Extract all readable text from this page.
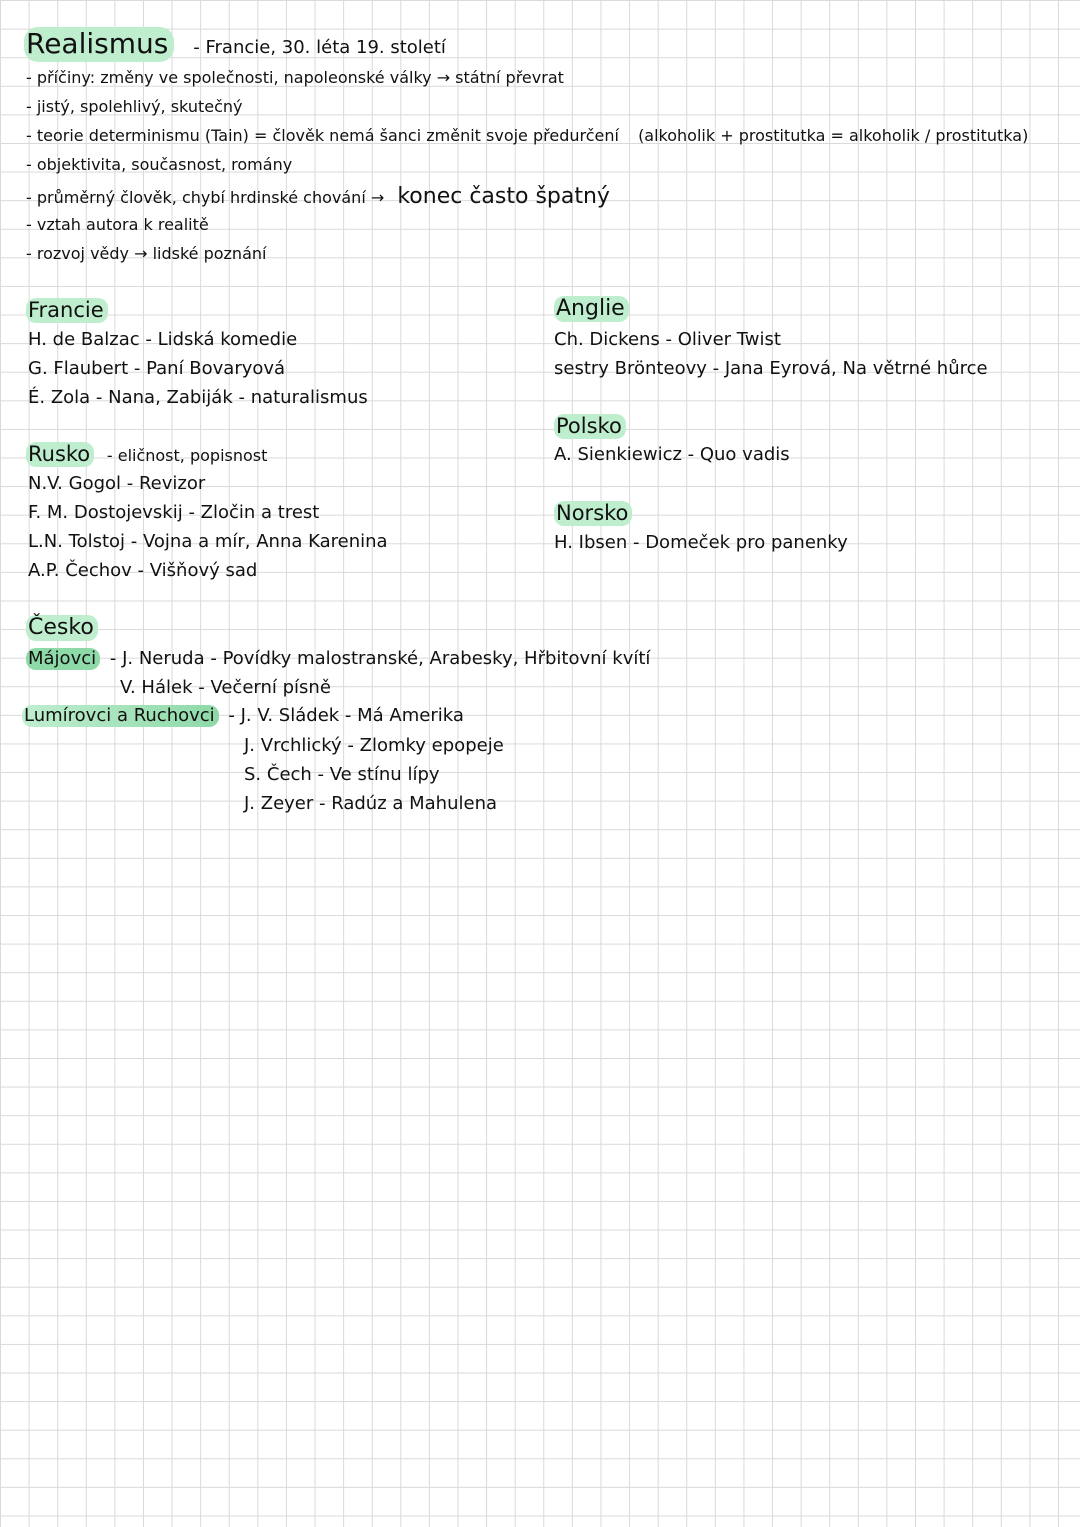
Realismus - Francie, 30. léta 19. století
- příčiny: změny ve společnosti, napoleonské války → státní převrat
- jistý, spolehlivý, skutečný
- teorie determinismu (Tain) = člověk nemá šanci změnit svoje předurčení (alkoholik + prostitutka = alkoholik / prostitutka)
- objektivita, současnost, romány
- průměrný člověk, chybí hrdinské chování → konec často špatný
- vztah autora k realitě
- rozvoj vědy → lidské poznání
Francie
H. de Balzac - Lidská komedie
G. Flaubert - Paní Bovaryová
É. Zola - Nana, Zabiják - naturalismus
Rusko - eličnost, popisnost
N.V. Gogol - Revizor
F. M. Dostojevskij - Zločin a trest
L.N. Tolstoj - Vojna a mír, Anna Karenina
A.P. Čechov - Višňový sad
Anglie
Ch. Dickens - Oliver Twist
sestry Brönteovy - Jana Eyrová, Na větrné hůrce
Polsko
A. Sienkiewicz - Quo vadis
Norsko
H. Ibsen - Domeček pro panenky
Česko
Májovci - J. Neruda - Povídky malostranské, Arabesky, Hřbitovní kvítí
V. Hálek - Večerní písně
Lumírovci a Ruchovci - J. V. Sládek - Má Amerika
J. Vrchlický - Zlomky epopeje
S. Čech - Ve stínu lípy
J. Zeyer - Radúz a Mahulena
